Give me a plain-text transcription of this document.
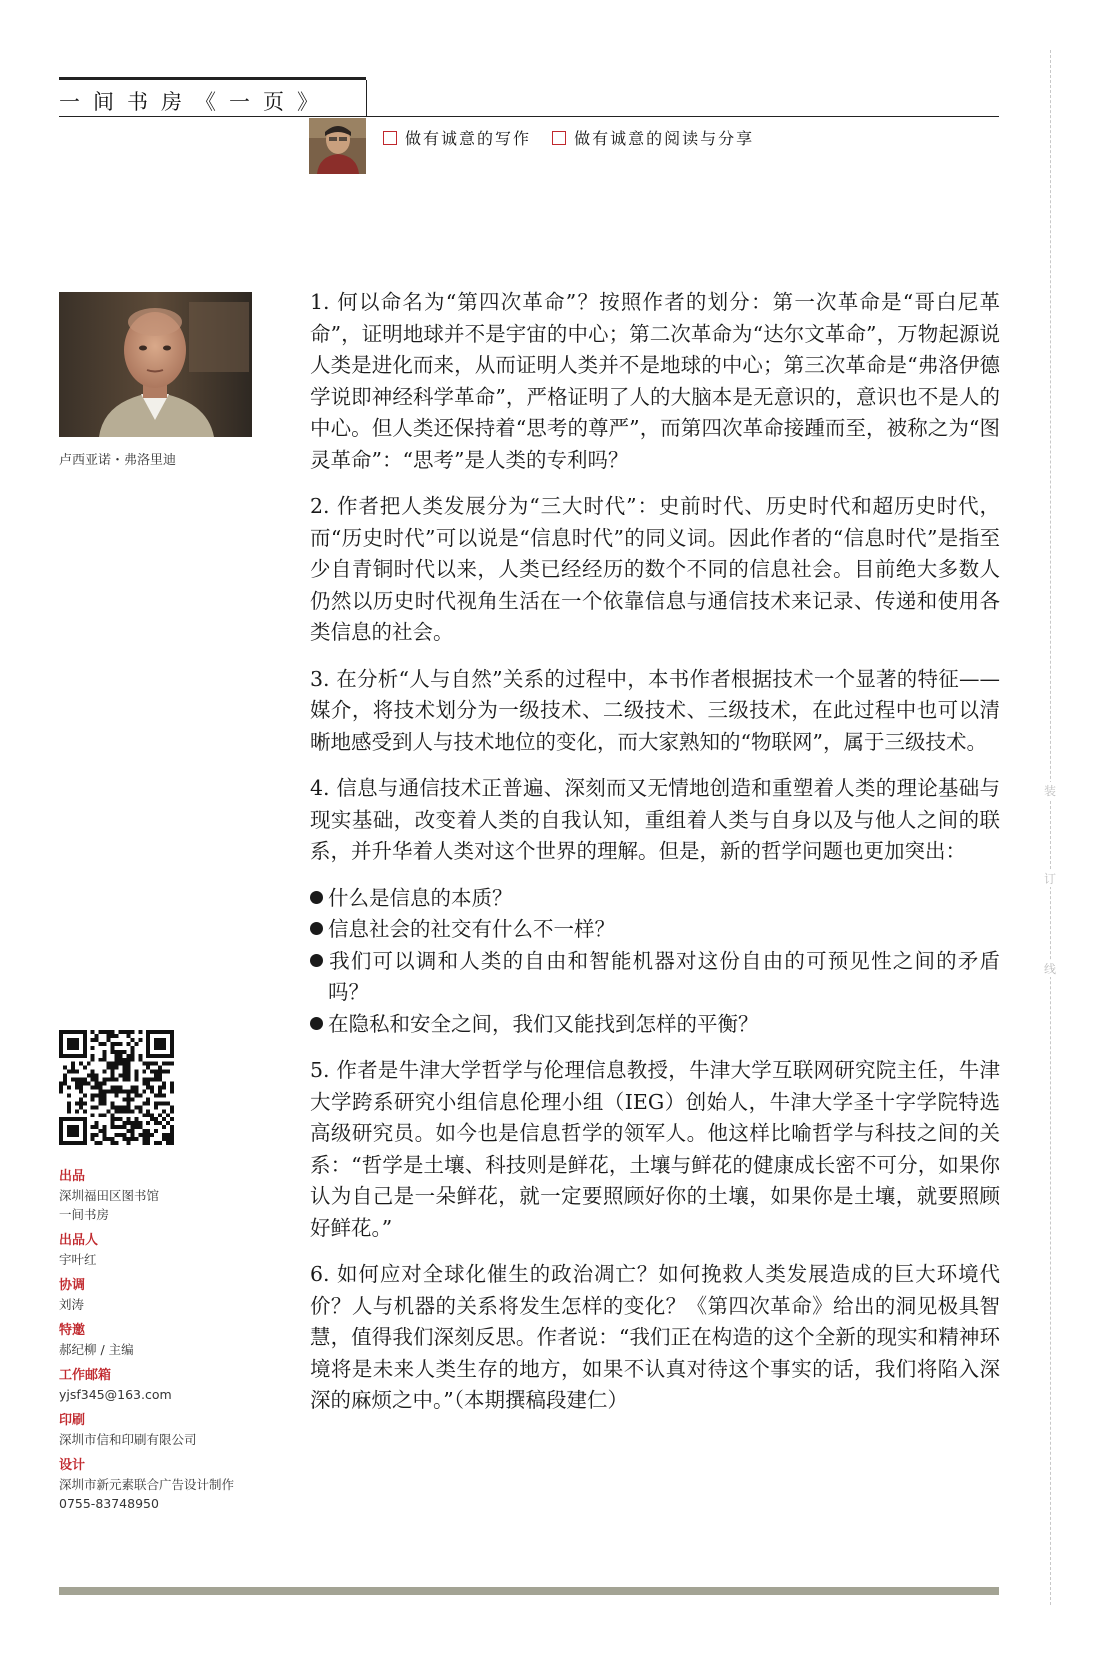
一间书房《一页》
做有诚意的写作	做有诚意的阅读与分享
装
订
线
卢西亚诺・弗洛里迪
出品
深圳福田区图书馆
一间书房
出品人
宇叶红
协调
刘涛
特邀
郝纪柳 / 主编
工作邮箱
yjsf345@163.com
印刷
深圳市信和印刷有限公司
设计
深圳市新元素联合广告设计制作
0755-83748950

1. 何以命名为“第四次革命”？按照作者的划分：第一次革命是“哥白尼革命”，证明地球并不是宇宙的中心；第二次革命为“达尔文革命”，万物起源说人类是进化而来，从而证明人类并不是地球的中心；第三次革命是“弗洛伊德学说即神经科学革命”，严格证明了人的大脑本是无意识的，意识也不是人的中心。但人类还保持着“思考的尊严”，而第四次革命接踵而至，被称之为“图灵革命”：“思考”是人类的专利吗？

2. 作者把人类发展分为“三大时代”：史前时代、历史时代和超历史时代，而“历史时代”可以说是“信息时代”的同义词。因此作者的“信息时代”是指至少自青铜时代以来，人类已经经历的数个不同的信息社会。目前绝大多数人仍然以历史时代视角生活在一个依靠信息与通信技术来记录、传递和使用各类信息的社会。

3. 在分析“人与自然”关系的过程中，本书作者根据技术一个显著的特征——媒介，将技术划分为一级技术、二级技术、三级技术，在此过程中也可以清晰地感受到人与技术地位的变化，而大家熟知的“物联网”，属于三级技术。

4. 信息与通信技术正普遍、深刻而又无情地创造和重塑着人类的理论基础与现实基础，改变着人类的自我认知，重组着人类与自身以及与他人之间的联系，并升华着人类对这个世界的理解。但是，新的哲学问题也更加突出：

什么是信息的本质？
信息社会的社交有什么不一样？
我们可以调和人类的自由和智能机器对这份自由的可预见性之间的矛盾吗？
在隐私和安全之间，我们又能找到怎样的平衡？

5. 作者是牛津大学哲学与伦理信息教授，牛津大学互联网研究院主任，牛津大学跨系研究小组信息伦理小组（IEG）创始人，牛津大学圣十字学院特选高级研究员。如今也是信息哲学的领军人。他这样比喻哲学与科技之间的关系：“哲学是土壤、科技则是鲜花，土壤与鲜花的健康成长密不可分，如果你认为自己是一朵鲜花，就一定要照顾好你的土壤，如果你是土壤，就要照顾好鲜花。”

6. 如何应对全球化催生的政治凋亡？如何挽救人类发展造成的巨大环境代价？人与机器的关系将发生怎样的变化？《第四次革命》给出的洞见极具智慧，值得我们深刻反思。作者说：“我们正在构造的这个全新的现实和精神环境将是未来人类生存的地方，如果不认真对待这个事实的话，我们将陷入深深的麻烦之中。”（本期撰稿段建仁）
